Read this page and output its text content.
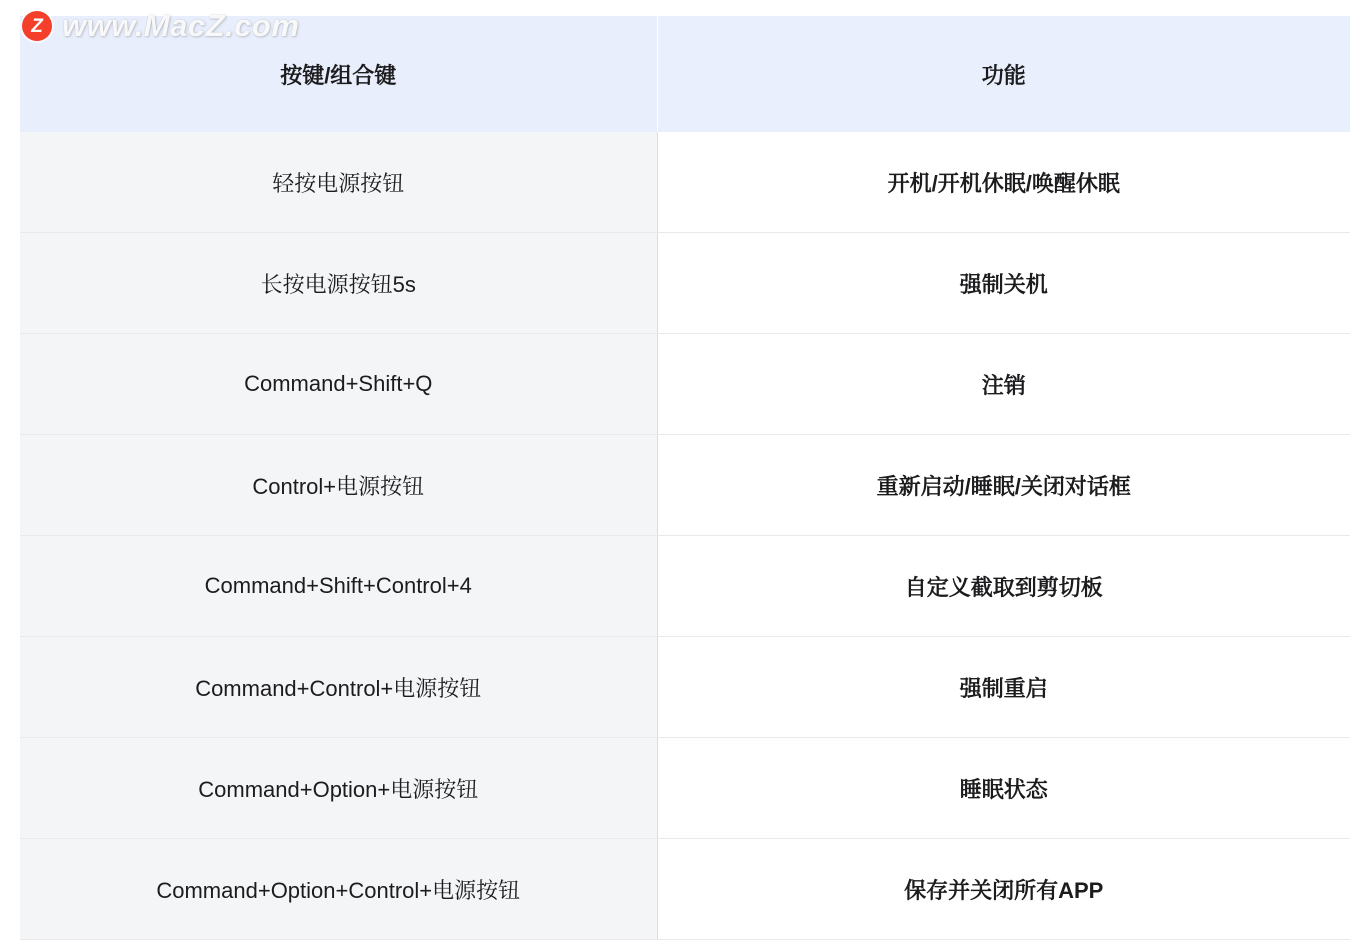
Z www.MacZ.com
按键/组合键	功能
轻按电源按钮	开机/开机休眠/唤醒休眠
长按电源按钮5s	强制关机
Command+Shift+Q	注销
Control+电源按钮	重新启动/睡眠/关闭对话框
Command+Shift+Control+4	自定义截取到剪切板
Command+Control+电源按钮	强制重启
Command+Option+电源按钮	睡眠状态
Command+Option+Control+电源按钮	保存并关闭所有APP
